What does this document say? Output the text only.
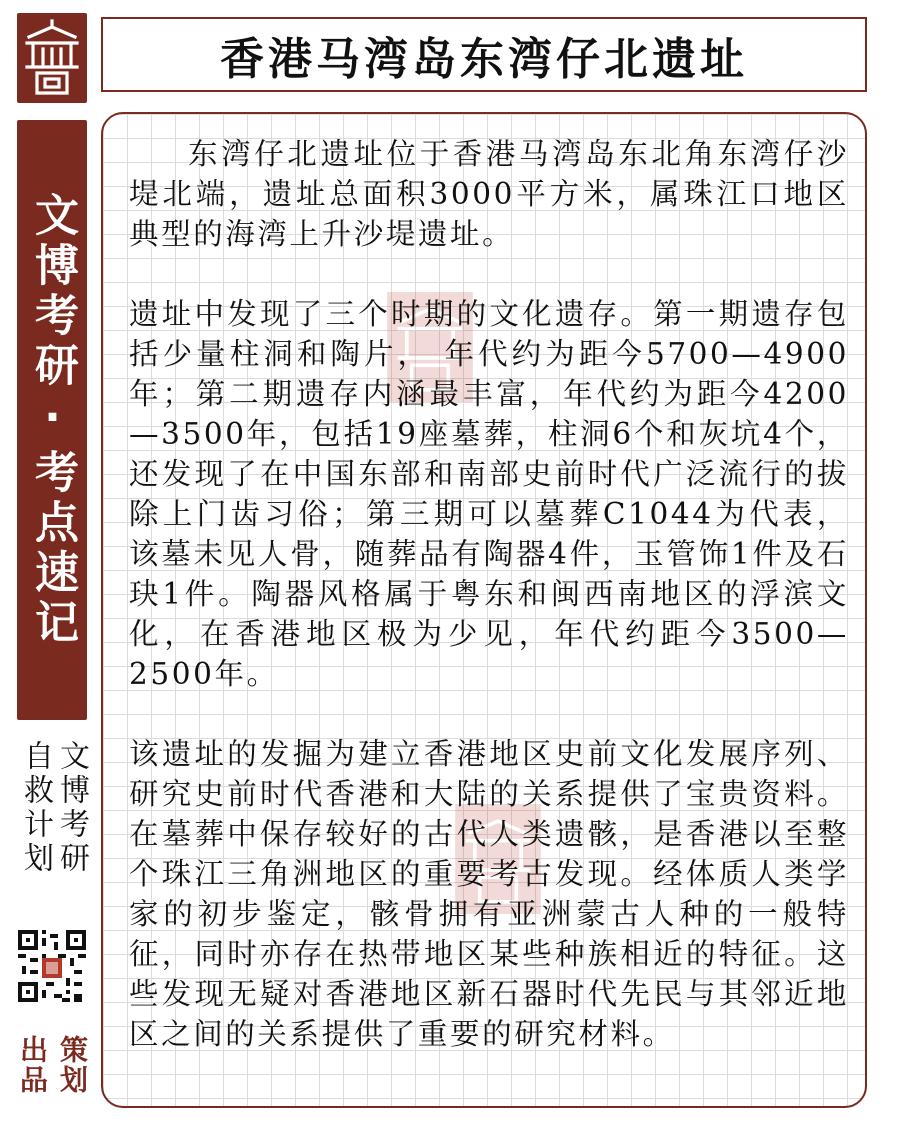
文博考研·考点速记
文博考研
自救计划
策划
出品
香港马湾岛东湾仔北遗址

东湾仔北遗址位于香港马湾岛东北角东湾仔沙堤北端，遗址总面积3000平方米，属珠江口地区典型的海湾上升沙堤遗址。

遗址中发现了三个时期的文化遗存。第一期遗存包括少量柱洞和陶片， 年代约为距今5700—4900年；第二期遗存内涵最丰富，年代约为距今4200—3500年，包括19座墓葬，柱洞6个和灰坑4个，还发现了在中国东部和南部史前时代广泛流行的拔除上门齿习俗；第三期可以墓葬C1044为代表，该墓未见人骨，随葬品有陶器4件，玉管饰1件及石玦1件。陶器风格属于粤东和闽西南地区的浮滨文化，在香港地区极为少见，年代约距今3500—2500年。

该遗址的发掘为建立香港地区史前文化发展序列、研究史前时代香港和大陆的关系提供了宝贵资料。在墓葬中保存较好的古代人类遗骸，是香港以至整个珠江三角洲地区的重要考古发现。经体质人类学家的初步鉴定，骸骨拥有亚洲蒙古人种的一般特征，同时亦存在热带地区某些种族相近的特征。这些发现无疑对香港地区新石器时代先民与其邻近地区之间的关系提供了重要的研究材料。
